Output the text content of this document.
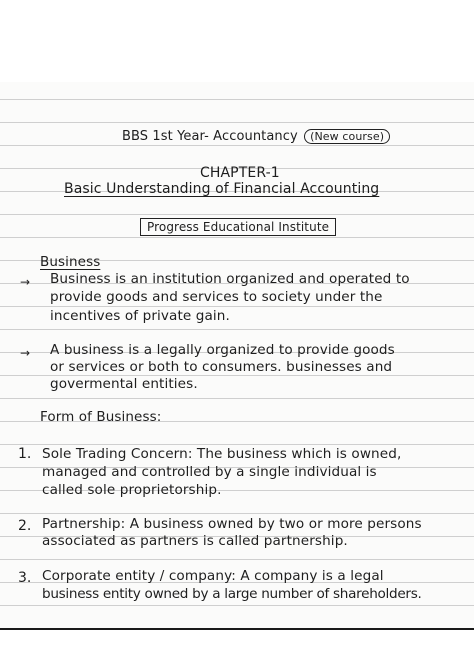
BBS 1st Year- Accountancy (New course)
CHAPTER-1
Basic Understanding of Financial Accounting
Progress Educational Institute
Business
→ Business is an institution organized and operated to
provide goods and services to society under the
incentives of private gain.
→ A business is a legally organized to provide goods
or services or both to consumers. businesses and
govermental entities.
Form of Business:
1. Sole Trading Concern: The business which is owned,
managed and controlled by a single individual is
called sole proprietorship.
2. Partnership: A business owned by two or more persons
associated as partners is called partnership.
3. Corporate entity / company: A company is a legal
business entity owned by a large number of shareholders.
